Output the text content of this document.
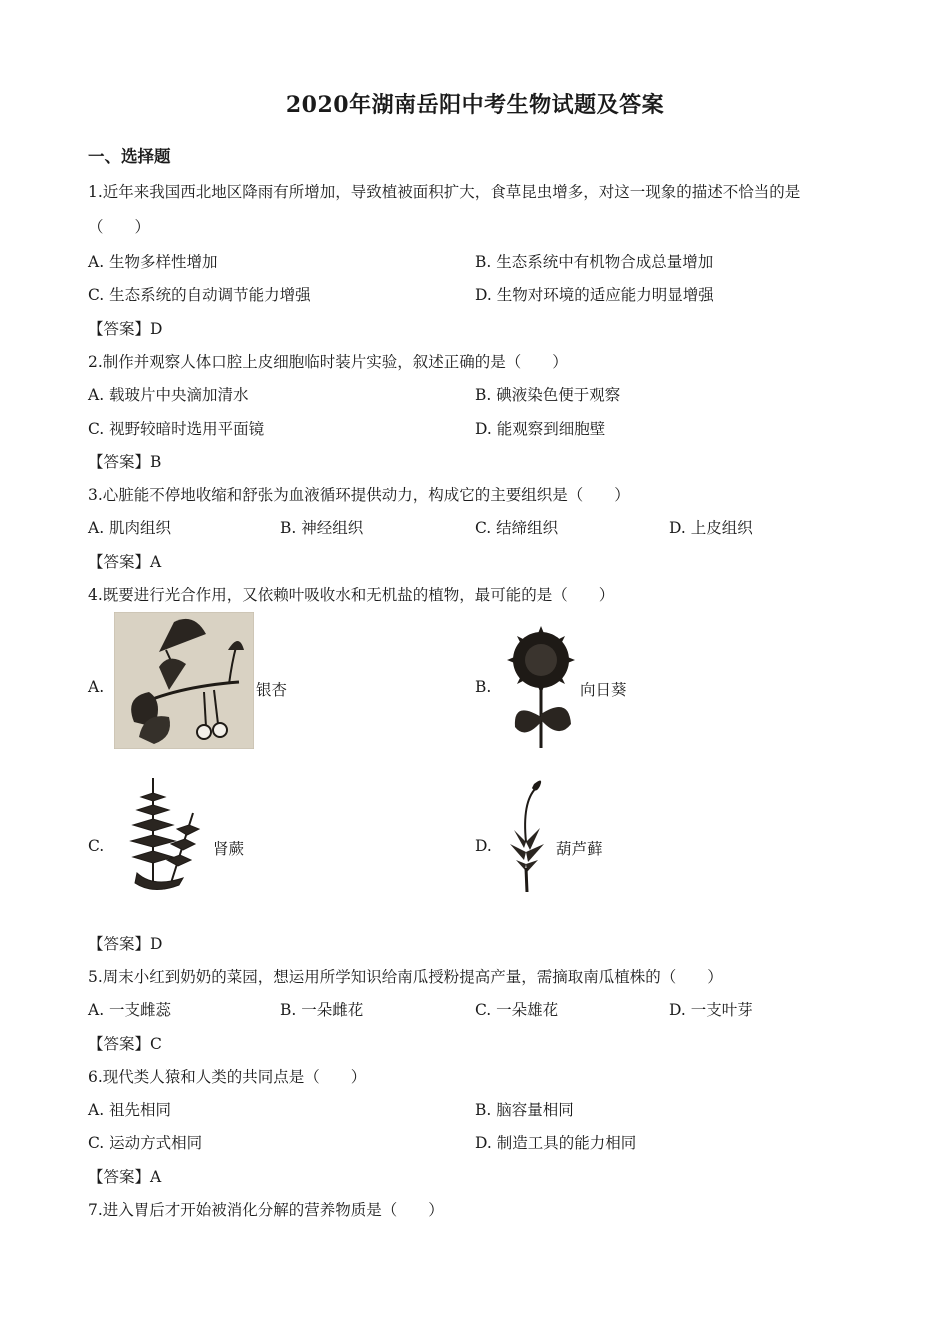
2020年湖南岳阳中考生物试题及答案
一、选择题
1.近年来我国西北地区降雨有所增加，导致植被面积扩大，食草昆虫增多，对这一现象的描述不恰当的是
（　　）
A. 生物多样性增加	B. 生态系统中有机物合成总量增加
C. 生态系统的自动调节能力增强	D. 生物对环境的适应能力明显增强
【答案】D
2.制作并观察人体口腔上皮细胞临时装片实验，叙述正确的是（　　）
A. 载玻片中央滴加清水	B. 碘液染色便于观察
C. 视野较暗时选用平面镜	D. 能观察到细胞壁
【答案】B
3.心脏能不停地收缩和舒张为血液循环提供动力，构成它的主要组织是（　　）
A. 肌肉组织	B. 神经组织	C. 结缔组织	D. 上皮组织
【答案】A
4.既要进行光合作用，又依赖叶吸收水和无机盐的植物，最可能的是（　　）
A.	银杏	B.	向日葵
C.	肾蕨	D.	葫芦藓
【答案】D
5.周末小红到奶奶的菜园，想运用所学知识给南瓜授粉提高产量，需摘取南瓜植株的（　　）
A. 一支雌蕊	B. 一朵雌花	C. 一朵雄花	D. 一支叶芽
【答案】C
6.现代类人猿和人类的共同点是（　　）
A. 祖先相同	B. 脑容量相同
C. 运动方式相同	D. 制造工具的能力相同
【答案】A
7.进入胃后才开始被消化分解的营养物质是（　　）
